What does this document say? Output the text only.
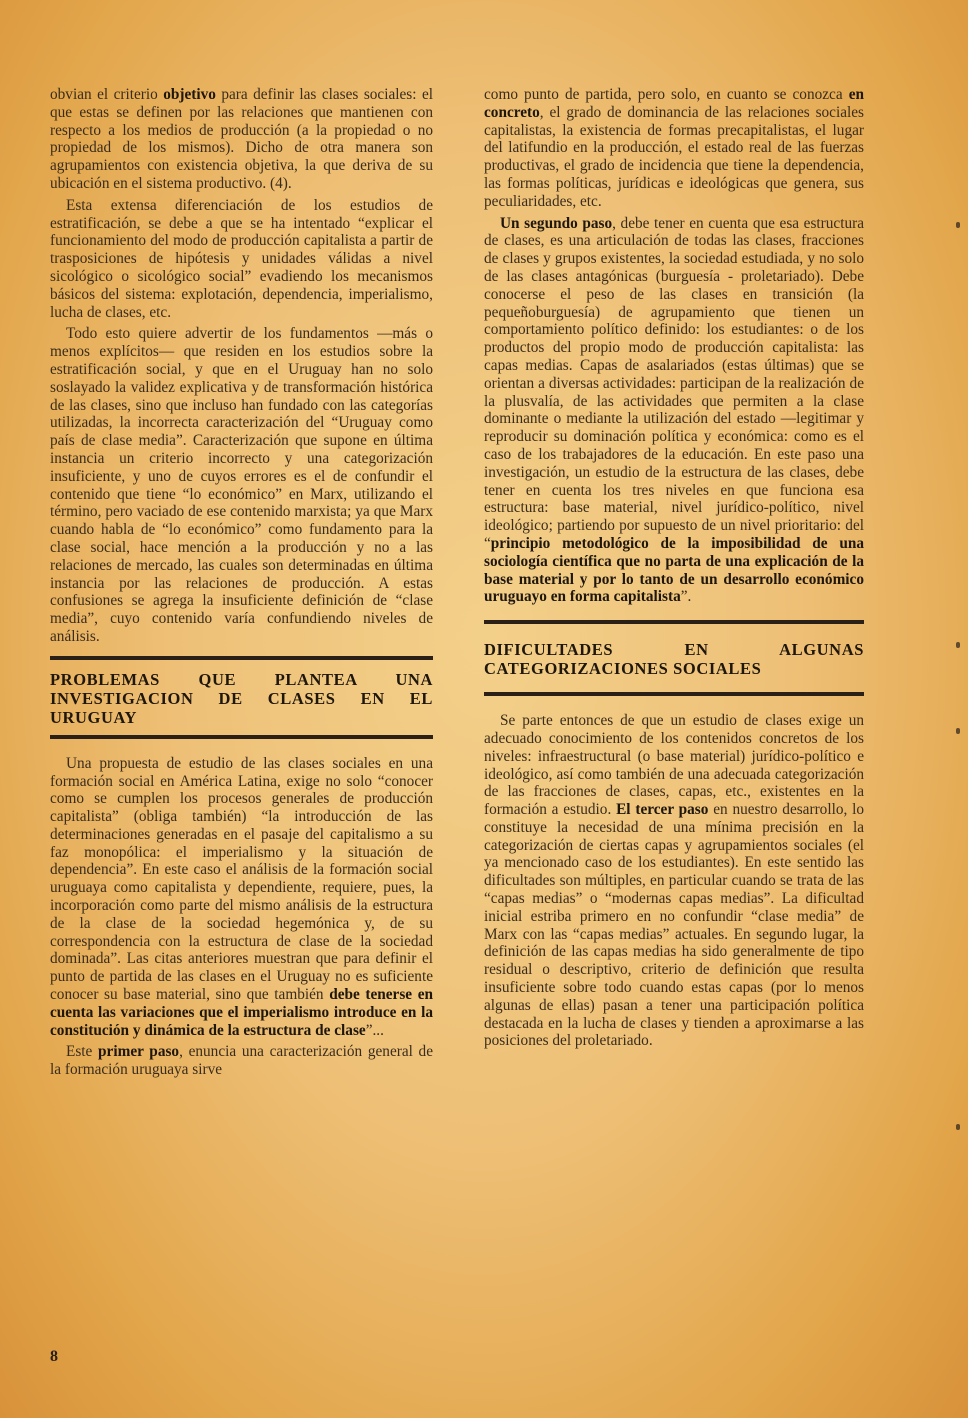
obvian el criterio objetivo para definir las clases sociales: el que estas se definen por las relaciones que mantienen con respecto a los medios de producción (a la propiedad o no propiedad de los mismos). Dicho de otra manera son agrupamientos con existencia objetiva, la que deriva de su ubicación en el sistema productivo. (4).

Esta extensa diferenciación de los estudios de estratificación, se debe a que se ha intentado “explicar el funcionamiento del modo de producción capitalista a partir de trasposiciones de hipótesis y unidades válidas a nivel sicológico o sicológico social” evadiendo los mecanismos básicos del sistema: explotación, dependencia, imperialismo, lucha de clases, etc.

Todo esto quiere advertir de los fundamentos —más o menos explícitos— que residen en los estudios sobre la estratificación social, y que en el Uruguay han no solo soslayado la validez explicativa y de transformación histórica de las clases, sino que incluso han fundado con las categorías utilizadas, la incorrecta caracterización del “Uruguay como país de clase media”. Caracterización que supone en última instancia un criterio incorrecto y una categorización insuficiente, y uno de cuyos errores es el de confundir el contenido que tiene “lo económico” en Marx, utilizando el término, pero vaciado de ese contenido marxista; ya que Marx cuando habla de “lo económico” como fundamento para la clase social, hace mención a la producción y no a las relaciones de mercado, las cuales son determinadas en última instancia por las relaciones de producción. A estas confusiones se agrega la insuficiente definición de “clase media”, cuyo contenido varía confundiendo niveles de análisis.

PROBLEMAS QUE PLANTEA UNA INVESTIGACION DE CLASES EN EL URUGUAY

Una propuesta de estudio de las clases sociales en una formación social en América Latina, exige no solo “conocer como se cumplen los procesos generales de producción capitalista” (obliga también) “la introducción de las determinaciones generadas en el pasaje del capitalismo a su faz monopólica: el imperialismo y la situación de dependencia”. En este caso el análisis de la formación social uruguaya como capitalista y dependiente, requiere, pues, la incorporación como parte del mismo análisis de la estructura de la clase de la sociedad hegemónica y, de su correspondencia con la estructura de clase de la sociedad dominada”. Las citas anteriores muestran que para definir el punto de partida de las clases en el Uruguay no es suficiente conocer su base material, sino que también debe tenerse en cuenta las variaciones que el imperialismo introduce en la constitución y dinámica de la estructura de clase”...

Este primer paso, enuncia una caracterización general de la formación uruguaya sirve

como punto de partida, pero solo, en cuanto se conozca en concreto, el grado de dominancia de las relaciones sociales capitalistas, la existencia de formas precapitalistas, el lugar del latifundio en la producción, el estado real de las fuerzas productivas, el grado de incidencia que tiene la dependencia, las formas políticas, jurídicas e ideológicas que genera, sus peculiaridades, etc.

Un segundo paso, debe tener en cuenta que esa estructura de clases, es una articulación de todas las clases, fracciones de clases y grupos existentes, la sociedad estudiada, y no solo de las clases antagónicas (burguesía - proletariado). Debe conocerse el peso de las clases en transición (la pequeñoburguesía) de agrupamiento que tienen un comportamiento político definido: los estudiantes: o de los productos del propio modo de producción capitalista: las capas medias. Capas de asalariados (estas últimas) que se orientan a diversas actividades: participan de la realización de la plusvalía, de las actividades que permiten a la clase dominante o mediante la utilización del estado —legitimar y reproducir su dominación política y económica: como es el caso de los trabajadores de la educación. En este paso una investigación, un estudio de la estructura de las clases, debe tener en cuenta los tres niveles en que funciona esa estructura: base material, nivel jurídico-político, nivel ideológico; partiendo por supuesto de un nivel prioritario: del “principio metodológico de la imposibilidad de una sociología científica que no parta de una explicación de la base material y por lo tanto de un desarrollo económico uruguayo en forma capitalista”.

DIFICULTADES EN ALGUNAS CATEGORIZACIONES SOCIALES

Se parte entonces de que un estudio de clases exige un adecuado conocimiento de los contenidos concretos de los niveles: infraestructural (o base material) jurídico-político e ideológico, así como también de una adecuada categorización de las fracciones de clases, capas, etc., existentes en la formación a estudio. El tercer paso en nuestro desarrollo, lo constituye la necesidad de una mínima precisión en la categorización de ciertas capas y agrupamientos sociales (el ya mencionado caso de los estudiantes). En este sentido las dificultades son múltiples, en particular cuando se trata de las “capas medias” o “modernas capas medias”. La dificultad inicial estriba primero en no confundir “clase media” de Marx con las “capas medias” actuales. En segundo lugar, la definición de las capas medias ha sido generalmente de tipo residual o descriptivo, criterio de definición que resulta insuficiente sobre todo cuando estas capas (por lo menos algunas de ellas) pasan a tener una participación política destacada en la lucha de clases y tienden a aproximarse a las posiciones del proletariado.

8
